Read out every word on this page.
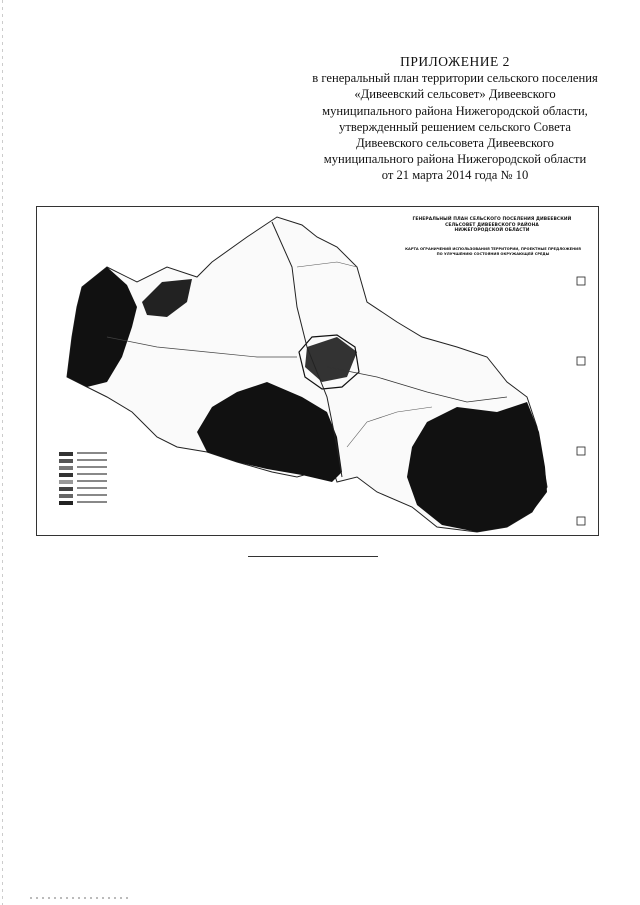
ПРИЛОЖЕНИЕ 2
в генеральный план территории сельского поселения
«Дивеевский сельсовет» Дивеевского
муниципального района Нижегородской области,
утвержденный решением сельского Совета
Дивеевского сельсовета Дивеевского
муниципального района Нижегородской области
от 21 марта 2014 года № 10
ГЕНЕРАЛЬНЫЙ ПЛАН СЕЛЬСКОГО ПОСЕЛЕНИЯ ДИВЕЕВСКИЙ
СЕЛЬСОВЕТ ДИВЕЕВСКОГО РАЙОНА
НИЖЕГОРОДСКОЙ ОБЛАСТИ
КАРТА ОГРАНИЧЕНИЙ ИСПОЛЬЗОВАНИЯ ТЕРРИТОРИИ, ПРОЕКТНЫЕ ПРЕДЛОЖЕНИЯ
ПО УЛУЧШЕНИЮ СОСТОЯНИЯ ОКРУЖАЮЩЕЙ СРЕДЫ
